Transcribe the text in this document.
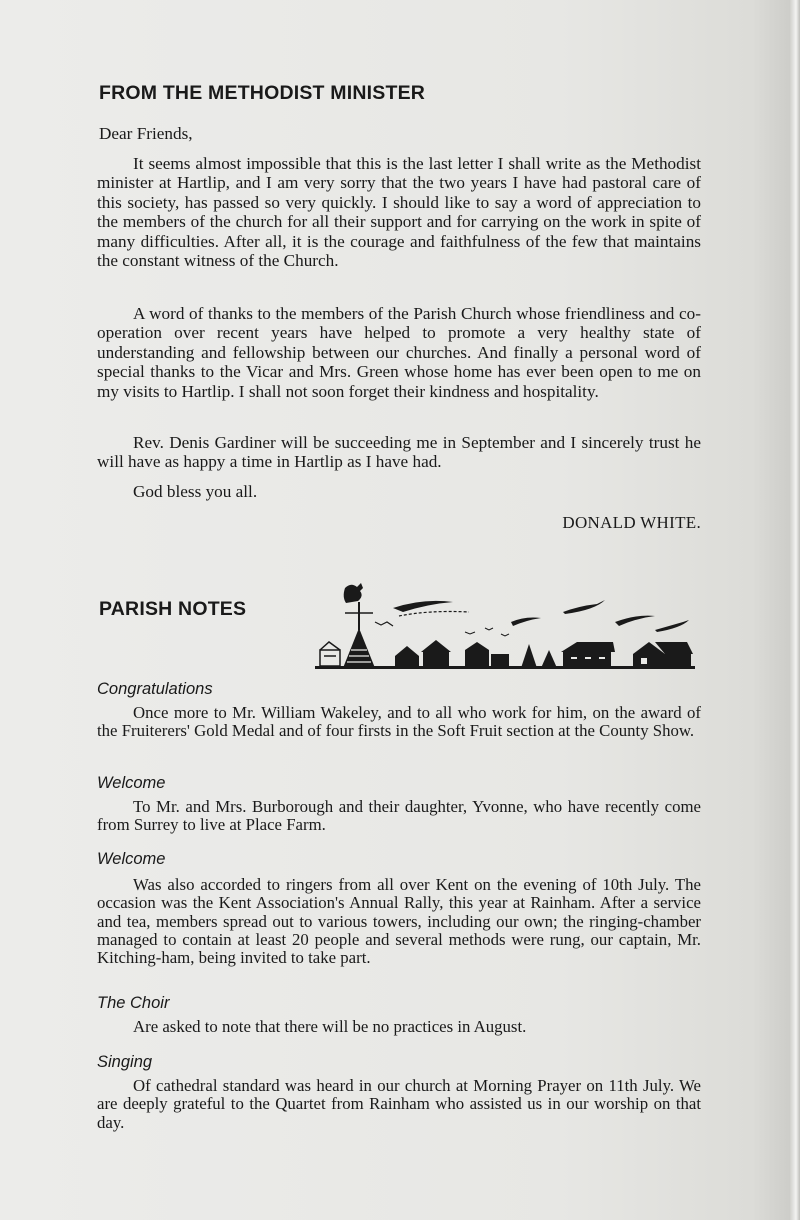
FROM THE METHODIST MINISTER
Dear Friends,
It seems almost impossible that this is the last letter I shall write as the Methodist minister at Hartlip, and I am very sorry that the two years I have had pastoral care of this society, has passed so very quickly. I should like to say a word of appreciation to the members of the church for all their support and for carrying on the work in spite of many difficulties. After all, it is the courage and faithfulness of the few that maintains the constant witness of the Church.
A word of thanks to the members of the Parish Church whose friendliness and co-operation over recent years have helped to promote a very healthy state of understanding and fellowship between our churches. And finally a personal word of special thanks to the Vicar and Mrs. Green whose home has ever been open to me on my visits to Hartlip. I shall not soon forget their kindness and hospitality.
Rev. Denis Gardiner will be succeeding me in September and I sincerely trust he will have as happy a time in Hartlip as I have had.
God bless you all.
DONALD WHITE.
PARISH NOTES
Congratulations
Once more to Mr. William Wakeley, and to all who work for him, on the award of the Fruiterers' Gold Medal and of four firsts in the Soft Fruit section at the County Show.
Welcome
To Mr. and Mrs. Burborough and their daughter, Yvonne, who have recently come from Surrey to live at Place Farm.
Welcome
Was also accorded to ringers from all over Kent on the evening of 10th July. The occasion was the Kent Association's Annual Rally, this year at Rainham. After a service and tea, members spread out to various towers, including our own; the ringing-chamber managed to contain at least 20 people and several methods were rung, our captain, Mr. Kitching-ham, being invited to take part.
The Choir
Are asked to note that there will be no practices in August.
Singing
Of cathedral standard was heard in our church at Morning Prayer on 11th July. We are deeply grateful to the Quartet from Rainham who assisted us in our worship on that day.
